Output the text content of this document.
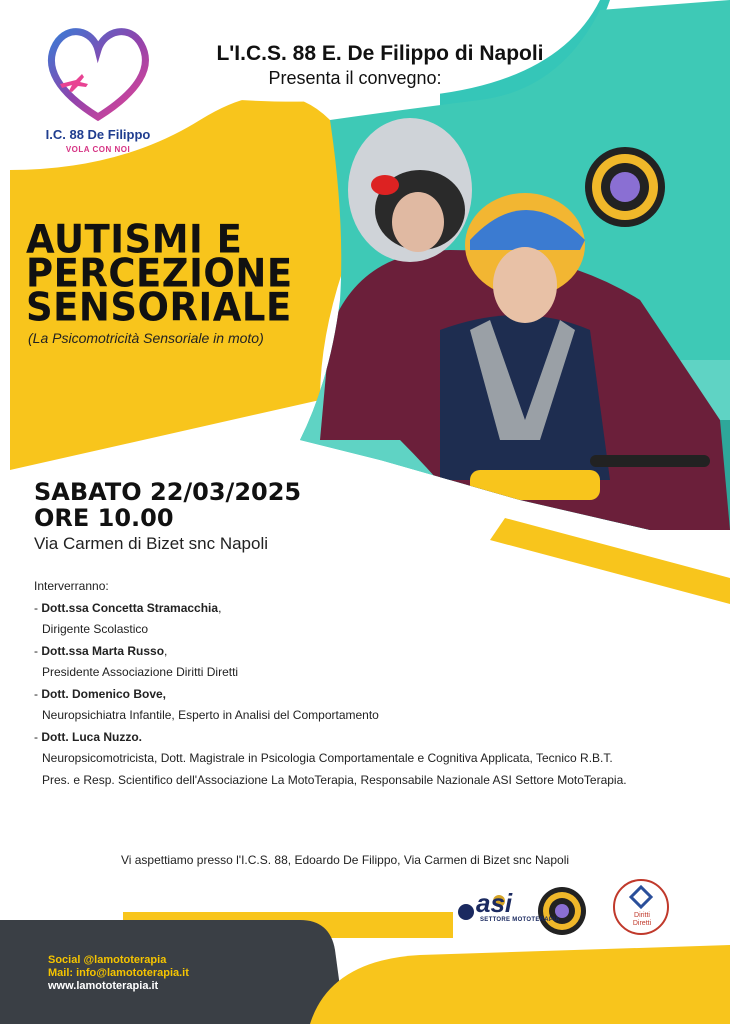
I.C. 88 De Filippo
VOLA CON NOI
L'I.C.S. 88 E. De Filippo di Napoli
Presenta il convegno:
AUTISMI E
PERCEZIONE
SENSORIALE
(La Psicomotricità Sensoriale in moto)
SABATO 22/03/2025
ORE 10.00
Via Carmen di Bizet snc Napoli
Interverranno:
- Dott.ssa Concetta Stramacchia,
Dirigente Scolastico
- Dott.ssa Marta Russo,
Presidente Associazione Diritti Diretti
- Dott. Domenico Bove,
Neuropsichiatra Infantile, Esperto in Analisi del Comportamento
- Dott. Luca Nuzzo.
Neuropsicomotricista, Dott. Magistrale in Psicologia Comportamentale e Cognitiva Applicata, Tecnico R.B.T.
Pres. e Resp. Scientifico dell'Associazione La MotoTerapia, Responsabile Nazionale ASI Settore MotoTerapia.
Vi aspettiamo presso l'I.C.S. 88, Edoardo De Filippo, Via Carmen di Bizet snc Napoli
asi
SETTORE MOTOTERAPIA
Diritti
Diretti
Social @lamototerapia
Mail: info@lamototerapia.it
www.lamototerapia.it
